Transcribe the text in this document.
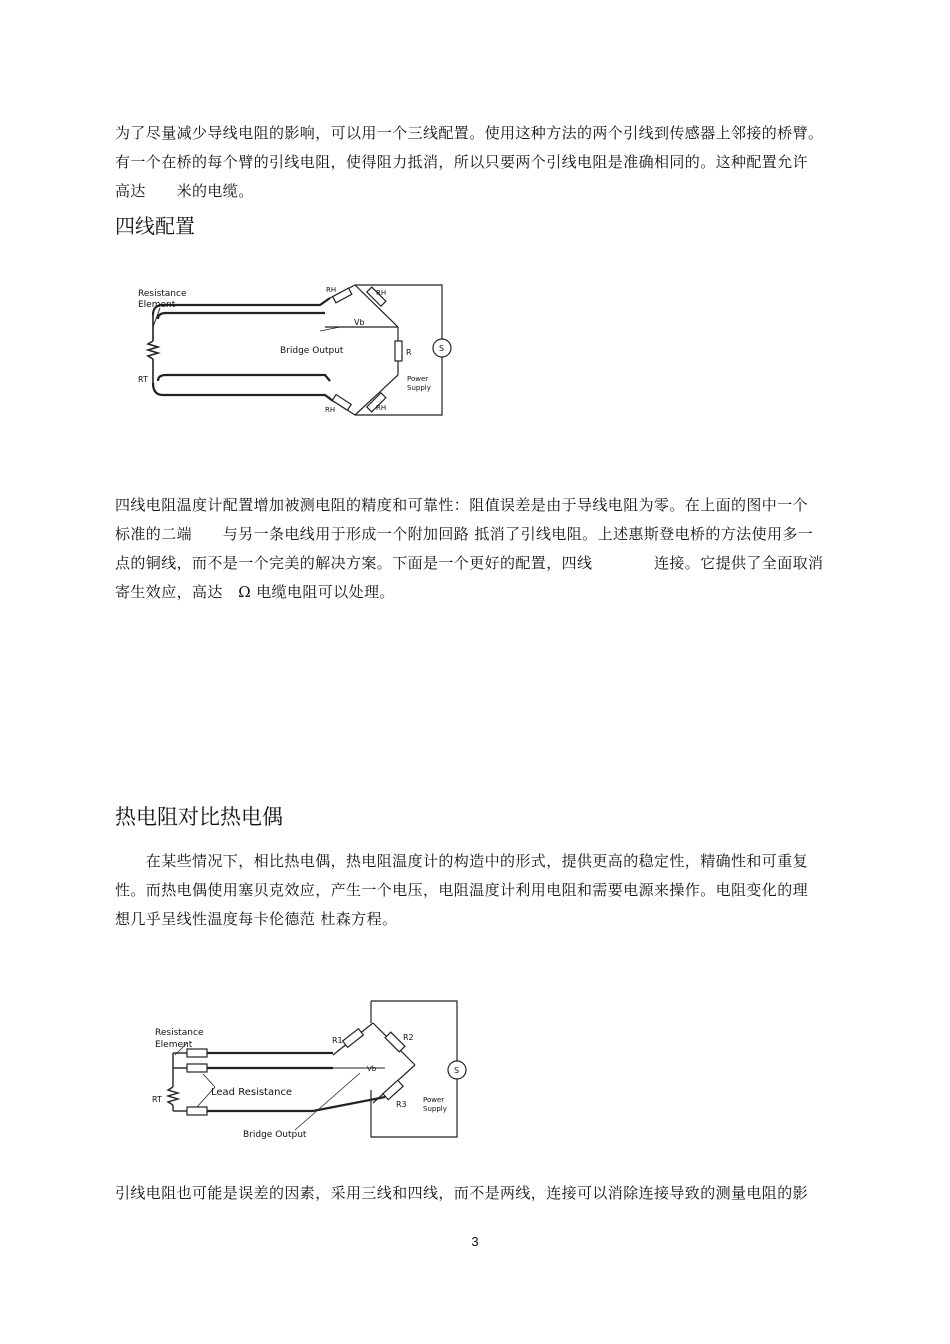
为了尽量减少导线电阻的影响，可以用一个三线配置。使用这种方法的两个引线到传感器上邻接的桥臂。
有一个在桥的每个臂的引线电阻，使得阻力抵消，所以只要两个引线电阻是准确相同的。这种配置允许
高达　　米的电缆。

四线配置
Resistance
Element
RT
RH	RH
RH	RH
Vb
Bridge Output	R	S
Power
Supply

四线电阻温度计配置增加被测电阻的精度和可靠性：阻值误差是由于导线电阻为零。在上面的图中一个
标准的二端　　与另一条电线用于形成一个附加回路 抵消了引线电阻。上述惠斯登电桥的方法使用多一
点的铜线，而不是一个完美的解决方案。下面是一个更好的配置，四线　　　　连接。它提供了全面取消
寄生效应，高达　Ω 电缆电阻可以处理。

热电阻对比热电偶

　　在某些情况下，相比热电偶，热电阻温度计的构造中的形式，提供更高的稳定性，精确性和可重复
性。而热电偶使用塞贝克效应，产生一个电压，电阻温度计利用电阻和需要电源来操作。电阻变化的理
想几乎呈线性温度每卡伦德范 杜森方程。

Resistance
Element
RT
R1	R2
R3
Vb
Lead Resistance
Bridge Output
S
Power
Supply

引线电阻也可能是误差的因素，采用三线和四线，而不是两线，连接可以消除连接导致的测量电阻的影

3
